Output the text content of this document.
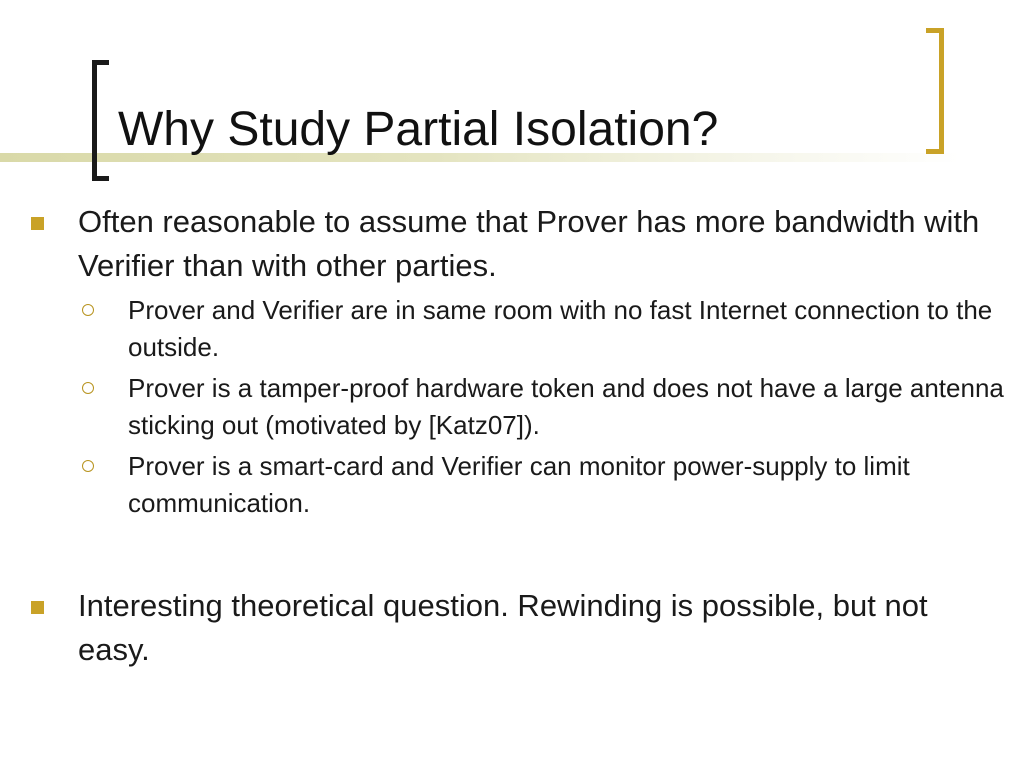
Why Study Partial Isolation?
Often reasonable to assume that Prover has more bandwidth with Verifier than with other parties.
Prover and Verifier are in same room with no fast Internet connection to the outside.
Prover is a tamper-proof hardware token and does not have a large antenna sticking out (motivated by [Katz07]).
Prover is a smart-card and Verifier can monitor power-supply to limit communication.
Interesting theoretical question. Rewinding is possible, but not easy.
